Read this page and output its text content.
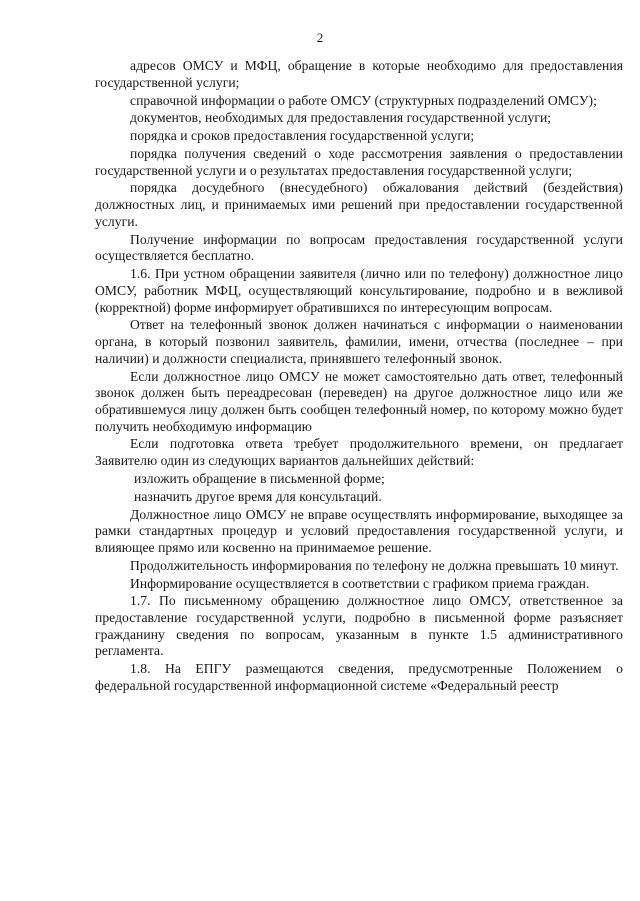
2

адресов ОМСУ и МФЦ, обращение в которые необходимо для предоставления государственной услуги;

справочной информации о работе ОМСУ (структурных подразделений ОМСУ);

документов, необходимых для предоставления государственной услуги;

порядка и сроков предоставления государственной услуги;

порядка получения сведений о ходе рассмотрения заявления о предоставлении государственной услуги и о результатах предоставления государственной услуги;

порядка досудебного (внесудебного) обжалования действий (бездействия) должностных лиц, и принимаемых ими решений при предоставлении государственной услуги.

Получение информации по вопросам предоставления государственной услуги осуществляется бесплатно.

1.6. При устном обращении заявителя (лично или по телефону) должностное лицо ОМСУ, работник МФЦ, осуществляющий консультирование, подробно и в вежливой (корректной) форме информирует обратившихся по интересующим вопросам.

Ответ на телефонный звонок должен начинаться с информации о наименовании органа, в который позвонил заявитель, фамилии, имени, отчества (последнее – при наличии) и должности специалиста, принявшего телефонный звонок.

Если должностное лицо ОМСУ не может самостоятельно дать ответ, телефонный звонок должен быть переадресован (переведен) на другое должностное лицо или же обратившемуся лицу должен быть сообщен телефонный номер, по которому можно будет получить необходимую информацию

Если подготовка ответа требует продолжительного времени, он предлагает Заявителю один из следующих вариантов дальнейших действий:

изложить обращение в письменной форме;

назначить другое время для консультаций.

Должностное лицо ОМСУ не вправе осуществлять информирование, выходящее за рамки стандартных процедур и условий предоставления государственной услуги, и влияющее прямо или косвенно на принимаемое решение.

Продолжительность информирования по телефону не должна превышать 10 минут.

Информирование осуществляется в соответствии с графиком приема граждан.

1.7. По письменному обращению должностное лицо ОМСУ, ответственное за предоставление государственной услуги, подробно в письменной форме разъясняет гражданину сведения по вопросам, указанным в пункте 1.5 административного регламента.

1.8. На ЕПГУ размещаются сведения, предусмотренные Положением о федеральной государственной информационной системе «Федеральный реестр
